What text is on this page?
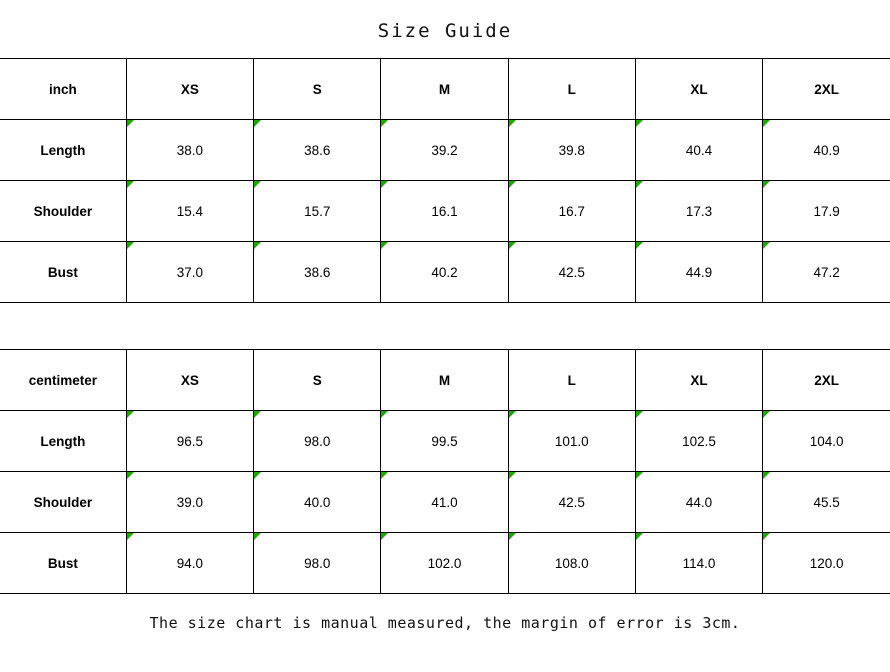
Size Guide
inch	XS	S	M	L	XL	2XL
Length	38.0	38.6	39.2	39.8	40.4	40.9
Shoulder	15.4	15.7	16.1	16.7	17.3	17.9
Bust	37.0	38.6	40.2	42.5	44.9	47.2
centimeter	XS	S	M	L	XL	2XL
Length	96.5	98.0	99.5	101.0	102.5	104.0
Shoulder	39.0	40.0	41.0	42.5	44.0	45.5
Bust	94.0	98.0	102.0	108.0	114.0	120.0
The size chart is manual measured, the margin of error is 3cm.
